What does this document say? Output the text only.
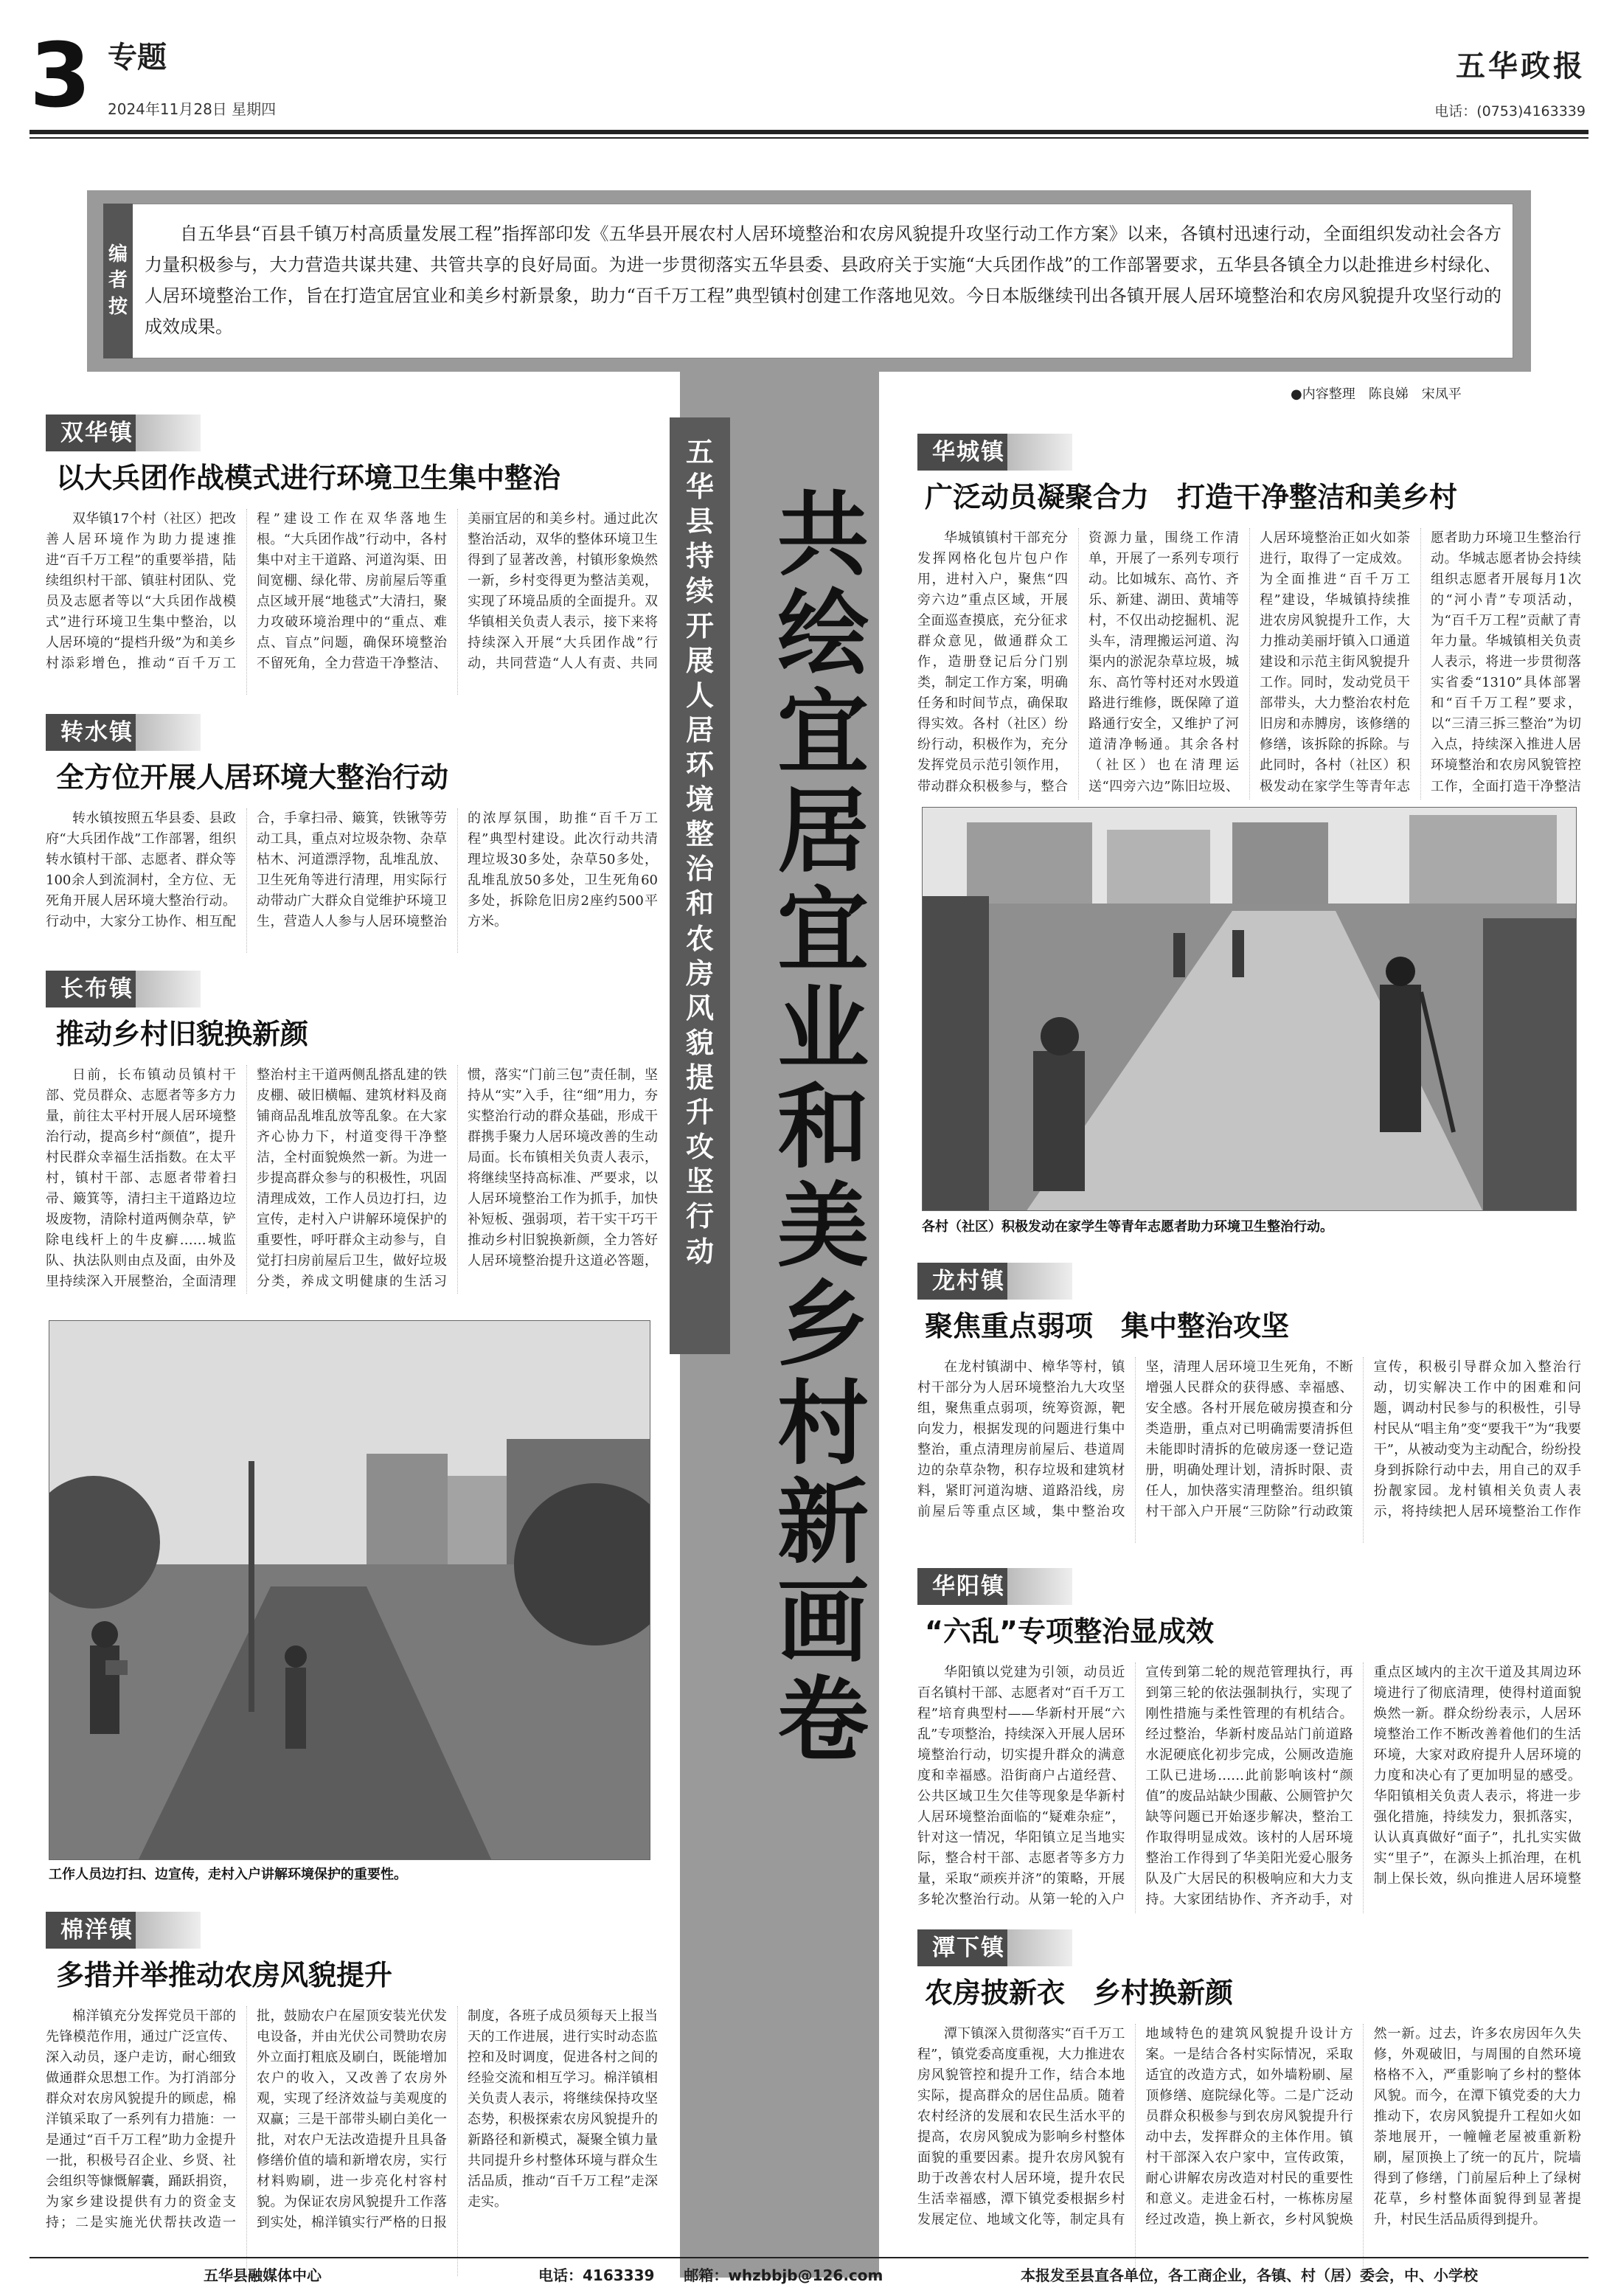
3 专题
2024年11月28日 星期四
五华政报
电话：(0753)4163339
编
者
按
自五华县“百县千镇万村高质量发展工程”指挥部印发《五华县开展农村人居环境整治和农房风貌提升攻坚行动工作方案》以来，各镇村迅速行动，全面组织发动社会各方力量积极参与，大力营造共谋共建、共管共享的良好局面。为进一步贯彻落实五华县委、县政府关于实施“大兵团作战”的工作部署要求，五华县各镇全力以赴推进乡村绿化、人居环境整治工作，旨在打造宜居宜业和美乡村新景象，助力“百千万工程”典型镇村创建工作落地见效。今日本版继续刊出各镇开展人居环境整治和农房风貌提升攻坚行动的成效成果。
五
华
县
持
续
开
展
人
居
环
境
整
治
和
农
房
风
貌
提
升
攻
坚
行
动
共
绘
宜
居
宜
业
和
美
乡
村
新
画
卷
●内容整理　陈良娣　宋凤平
双华镇
以大兵团作战模式进行环境卫生集中整治
双华镇17个村（社区）把改善人居环境作为助力提速推进“百千万工程”的重要举措，陆续组织村干部、镇驻村团队、党员及志愿者等以“大兵团作战模式”进行环境卫生集中整治，以人居环境的“提档升级”为和美乡村添彩增色，推动“百千万工程”建设工作在双华落地生根。“大兵团作战”行动中，各村集中对主干道路、河道沟渠、田间宽棚、绿化带、房前屋后等重点区域开展“地毯式”大清扫，聚力攻破环境治理中的“重点、难点、盲点”问题，确保环境整治不留死角，全力营造干净整洁、美丽宜居的和美乡村。通过此次整治活动，双华的整体环境卫生得到了显著改善，村镇形象焕然一新，乡村变得更为整洁美观，实现了环境品质的全面提升。双华镇相关负责人表示，接下来将持续深入开展“大兵团作战”行动，共同营造“人人有责、共同
转水镇
全方位开展人居环境大整治行动
转水镇按照五华县委、县政府“大兵团作战”工作部署，组织转水镇村干部、志愿者、群众等100余人到流洞村，全方位、无死角开展人居环境大整治行动。行动中，大家分工协作、相互配合，手拿扫帚、簸箕，铁锹等劳动工具，重点对垃圾杂物、杂草枯木、河道漂浮物，乱堆乱放、卫生死角等进行清理，用实际行动带动广大群众自觉维护环境卫生，营造人人参与人居环境整治的浓厚氛围，助推“百千万工程”典型村建设。此次行动共清理垃圾30多处，杂草50多处，乱堆乱放50多处，卫生死角60多处，拆除危旧房2座约500平方米。
长布镇
推动乡村旧貌换新颜
日前，长布镇动员镇村干部、党员群众、志愿者等多方力量，前往太平村开展人居环境整治行动，提高乡村“颜值”，提升村民群众幸福生活指数。在太平村，镇村干部、志愿者带着扫帚、簸箕等，清扫主干道路边垃圾废物，清除村道两侧杂草，铲除电线杆上的牛皮癣……城监队、执法队则由点及面，由外及里持续深入开展整治，全面清理整治村主干道两侧乱搭乱建的铁皮棚、破旧横幅、建筑材料及商铺商品乱堆乱放等乱象。在大家齐心协力下，村道变得干净整洁，全村面貌焕然一新。为进一步提高群众参与的积极性，巩固清理成效，工作人员边打扫，边宣传，走村入户讲解环境保护的重要性，呼吁群众主动参与，自觉打扫房前屋后卫生，做好垃圾分类，养成文明健康的生活习惯，落实“门前三包”责任制，坚持从“实”入手，往“细”用力，夯实整治行动的群众基础，形成干群携手聚力人居环境改善的生动局面。长布镇相关负责人表示，将继续坚持高标准、严要求，以人居环境整治工作为抓手，加快补短板、强弱项，若干实干巧干推动乡村旧貌换新颜，全力答好人居环境整治提升这道必答题，
工作人员边打扫、边宣传，走村入户讲解环境保护的重要性。
棉洋镇
多措并举推动农房风貌提升
棉洋镇充分发挥党员干部的先锋模范作用，通过广泛宣传、深入动员，逐户走访，耐心细致做通群众思想工作。为打消部分群众对农房风貌提升的顾虑，棉洋镇采取了一系列有力措施：一是通过“百千万工程”助力金提升一批，积极号召企业、乡贤、社会组织等慷慨解囊，踊跃捐资，为家乡建设提供有力的资金支持；二是实施光伏帮扶改造一批，鼓励农户在屋顶安装光伏发电设备，并由光伏公司赞助农房外立面打粗底及刷白，既能增加农户的收入，又改善了农房外观，实现了经济效益与美观度的双赢；三是干部带头刷白美化一批，对农户无法改造提升且具备修缮价值的墙和新增农房，实行材料购刷，进一步亮化村容村貌。为保证农房风貌提升工作落到实处，棉洋镇实行严格的日报制度，各班子成员须每天上报当天的工作进展，进行实时动态监控和及时调度，促进各村之间的经验交流和相互学习。棉洋镇相关负责人表示，将继续保持攻坚态势，积极探索农房风貌提升的新路径和新模式，凝聚全镇力量共同提升乡村整体环境与群众生活品质，推动“百千万工程”走深走实。
华城镇
广泛动员凝聚合力　打造干净整洁和美乡村
华城镇镇村干部充分发挥网格化包片包户作用，进村入户，聚焦“四旁六边”重点区域，开展全面巡查摸底，充分征求群众意见，做通群众工作，造册登记后分门别类，制定工作方案，明确任务和时间节点，确保取得实效。各村（社区）纷纷行动，积极作为，充分发挥党员示范引领作用，带动群众积极参与，整合资源力量，围绕工作清单，开展了一系列专项行动。比如城东、高竹、齐乐、新建、湖田、黄埔等村，不仅出动挖掘机、泥头车，清理搬运河道、沟渠内的淤泥杂草垃圾，城东、高竹等村还对水毁道路进行维修，既保障了道路通行安全，又维护了河道清净畅通。其余各村（社区）也在清理运送“四旁六边”陈旧垃圾、人居环境整治正如火如荼进行，取得了一定成效。为全面推进“百千万工程”建设，华城镇持续推进农房风貌提升工作，大力推动美丽圩镇入口通道建设和示范主街风貌提升工作。同时，发动党员干部带头，大力整治农村危旧房和赤膊房，该修缮的修缮，该拆除的拆除。与此同时，各村（社区）积极发动在家学生等青年志愿者助力环境卫生整治行动。华城志愿者协会持续组织志愿者开展每月1次的“河小青”专项活动，为“百千万工程”贡献了青年力量。华城镇相关负责人表示，将进一步贯彻落实省委“1310”具体部署和“百千万工程”要求，以“三清三拆三整治”为切入点，持续深入推进人居环境整治和农房风貌管控工作，全面打造干净整洁
各村（社区）积极发动在家学生等青年志愿者助力环境卫生整治行动。
龙村镇
聚焦重点弱项　集中整治攻坚
在龙村镇湖中、樟华等村，镇村干部分为人居环境整治九大攻坚组，聚焦重点弱项，统筹资源，靶向发力，根据发现的问题进行集中整治，重点清理房前屋后、巷道周边的杂草杂物，积存垃圾和建筑材料，紧盯河道沟塘、道路沿线，房前屋后等重点区域，集中整治攻坚，清理人居环境卫生死角，不断增强人民群众的获得感、幸福感、安全感。各村开展危破房摸查和分类造册，重点对已明确需要清拆但未能即时清拆的危破房逐一登记造册，明确处理计划，清拆时限、责任人，加快落实清理整治。组织镇村干部入户开展“三防除”行动政策宣传，积极引导群众加入整治行动，切实解决工作中的困难和问题，调动村民参与的积极性，引导村民从“唱主角”变“要我干”为“我要干”，从被动变为主动配合，纷纷投身到拆除行动中去，用自己的双手扮靓家园。龙村镇相关负责人表示，将持续把人居环境整治工作作
华阳镇
“六乱”专项整治显成效
华阳镇以党建为引领，动员近百名镇村干部、志愿者对“百千万工程”培育典型村——华新村开展“六乱”专项整治，持续深入开展人居环境整治行动，切实提升群众的满意度和幸福感。沿街商户占道经营、公共区域卫生欠佳等现象是华新村人居环境整治面临的“疑难杂症”，针对这一情况，华阳镇立足当地实际，整合村干部、志愿者等多方力量，采取“顽疾并济”的策略，开展多轮次整治行动。从第一轮的入户宣传到第二轮的规范管理执行，再到第三轮的依法强制执行，实现了刚性措施与柔性管理的有机结合。经过整治，华新村废品站门前道路水泥硬底化初步完成，公厕改造施工队已进场……此前影响该村“颜值”的废品站缺少围蔽、公厕管护欠缺等问题已开始逐步解决，整治工作取得明显成效。该村的人居环境整治工作得到了华美阳光爱心服务队及广大居民的积极响应和大力支持。大家团结协作、齐齐动手，对重点区域内的主次干道及其周边环境进行了彻底清理，使得村道面貌焕然一新。群众纷纷表示，人居环境整治工作不断改善着他们的生活环境，大家对政府提升人居环境的力度和决心有了更加明显的感受。华阳镇相关负责人表示，将进一步强化措施，持续发力，狠抓落实，认认真真做好“面子”，扎扎实实做实“里子”，在源头上抓治理，在机制上保长效，纵向推进人居环境整
潭下镇
农房披新衣　乡村换新颜
潭下镇深入贯彻落实“百千万工程”，镇党委高度重视，大力推进农房风貌管控和提升工作，结合本地实际，提高群众的居住品质。随着农村经济的发展和农民生活水平的提高，农房风貌成为影响乡村整体面貌的重要因素。提升农房风貌有助于改善农村人居环境，提升农民生活幸福感，潭下镇党委根据乡村发展定位、地域文化等，制定具有地域特色的建筑风貌提升设计方案。一是结合各村实际情况，采取适宜的改造方式，如外墙粉刷、屋顶修缮、庭院绿化等。二是广泛动员群众积极参与到农房风貌提升行动中去，发挥群众的主体作用。镇村干部深入农户家中，宣传政策，耐心讲解农房改造对村民的重要性和意义。走进金石村，一栋栋房屋经过改造，换上新衣，乡村风貌焕然一新。过去，许多农房因年久失修，外观破旧，与周围的自然环境格格不入，严重影响了乡村的整体风貌。而今，在潭下镇党委的大力推动下，农房风貌提升工程如火如荼地展开，一幢幢老屋被重新粉刷，屋顶换上了统一的瓦片，院墙得到了修缮，门前屋后种上了绿树花草，乡村整体面貌得到显著提升，村民生活品质得到提升。
五华县融媒体中心	电话：4163339　　邮箱：whzbbjb@126.com	本报发至县直各单位，各工商企业，各镇、村（居）委会，中、小学校
